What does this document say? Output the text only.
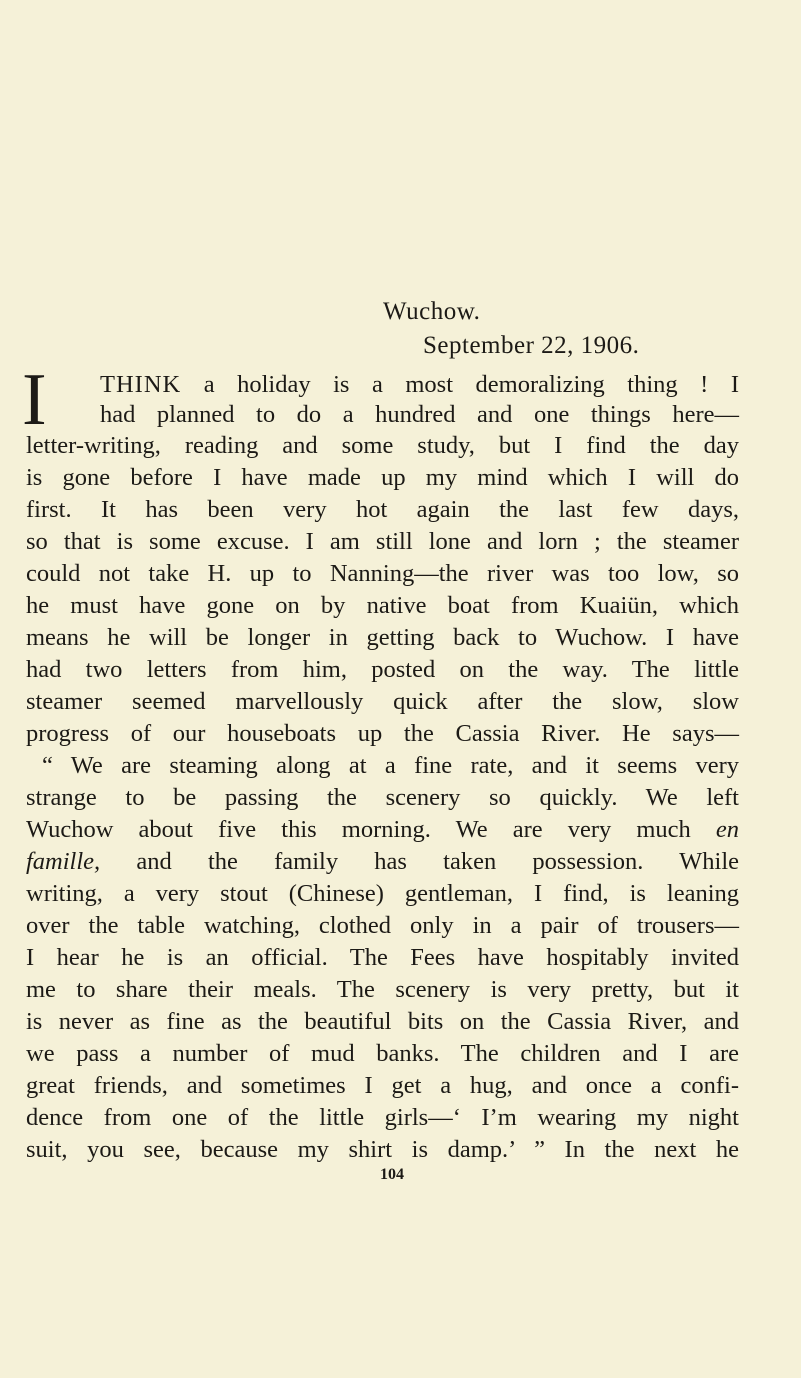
Wuchow.
September 22, 1906.
I THINK a holiday is a most demoralizing thing ! I
had planned to do a hundred and one things here—
letter-writing, reading and some study, but I find the day
is gone before I have made up my mind which I will do
first. It has been very hot again the last few days,
so that is some excuse. I am still lone and lorn ; the steamer
could not take H. up to Nanning—the river was too low, so
he must have gone on by native boat from Kuaiün, which
means he will be longer in getting back to Wuchow. I have
had two letters from him, posted on the way. The little
steamer seemed marvellously quick after the slow, slow
progress of our houseboats up the Cassia River. He says—
“ We are steaming along at a fine rate, and it seems very
strange to be passing the scenery so quickly. We left
Wuchow about five this morning. We are very much en
famille, and the family has taken possession. While
writing, a very stout (Chinese) gentleman, I find, is leaning
over the table watching, clothed only in a pair of trousers—
I hear he is an official. The Fees have hospitably invited
me to share their meals. The scenery is very pretty, but it
is never as fine as the beautiful bits on the Cassia River, and
we pass a number of mud banks. The children and I are
great friends, and sometimes I get a hug, and once a confi-
dence from one of the little girls—‘ I’m wearing my night
suit, you see, because my shirt is damp.’ ” In the next he
104
